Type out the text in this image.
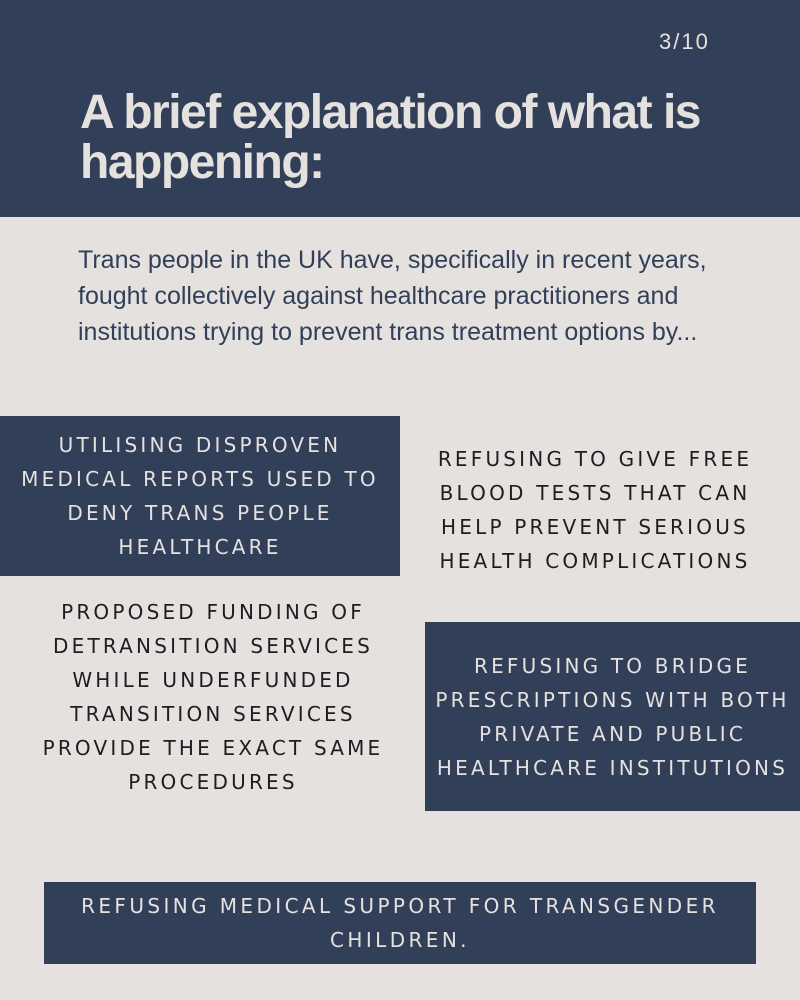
3/10
A brief explanation of what is happening:

Trans people in the UK have, specifically in recent years, fought collectively against healthcare practitioners and institutions trying to prevent trans treatment options by...

UTILISING DISPROVEN MEDICAL REPORTS USED TO DENY TRANS PEOPLE HEALTHCARE
REFUSING TO GIVE FREE BLOOD TESTS THAT CAN HELP PREVENT SERIOUS HEALTH COMPLICATIONS
PROPOSED FUNDING OF DETRANSITION SERVICES WHILE UNDERFUNDED TRANSITION SERVICES PROVIDE THE EXACT SAME PROCEDURES
REFUSING TO BRIDGE PRESCRIPTIONS WITH BOTH PRIVATE AND PUBLIC HEALTHCARE INSTITUTIONS
REFUSING MEDICAL SUPPORT FOR TRANSGENDER CHILDREN.
